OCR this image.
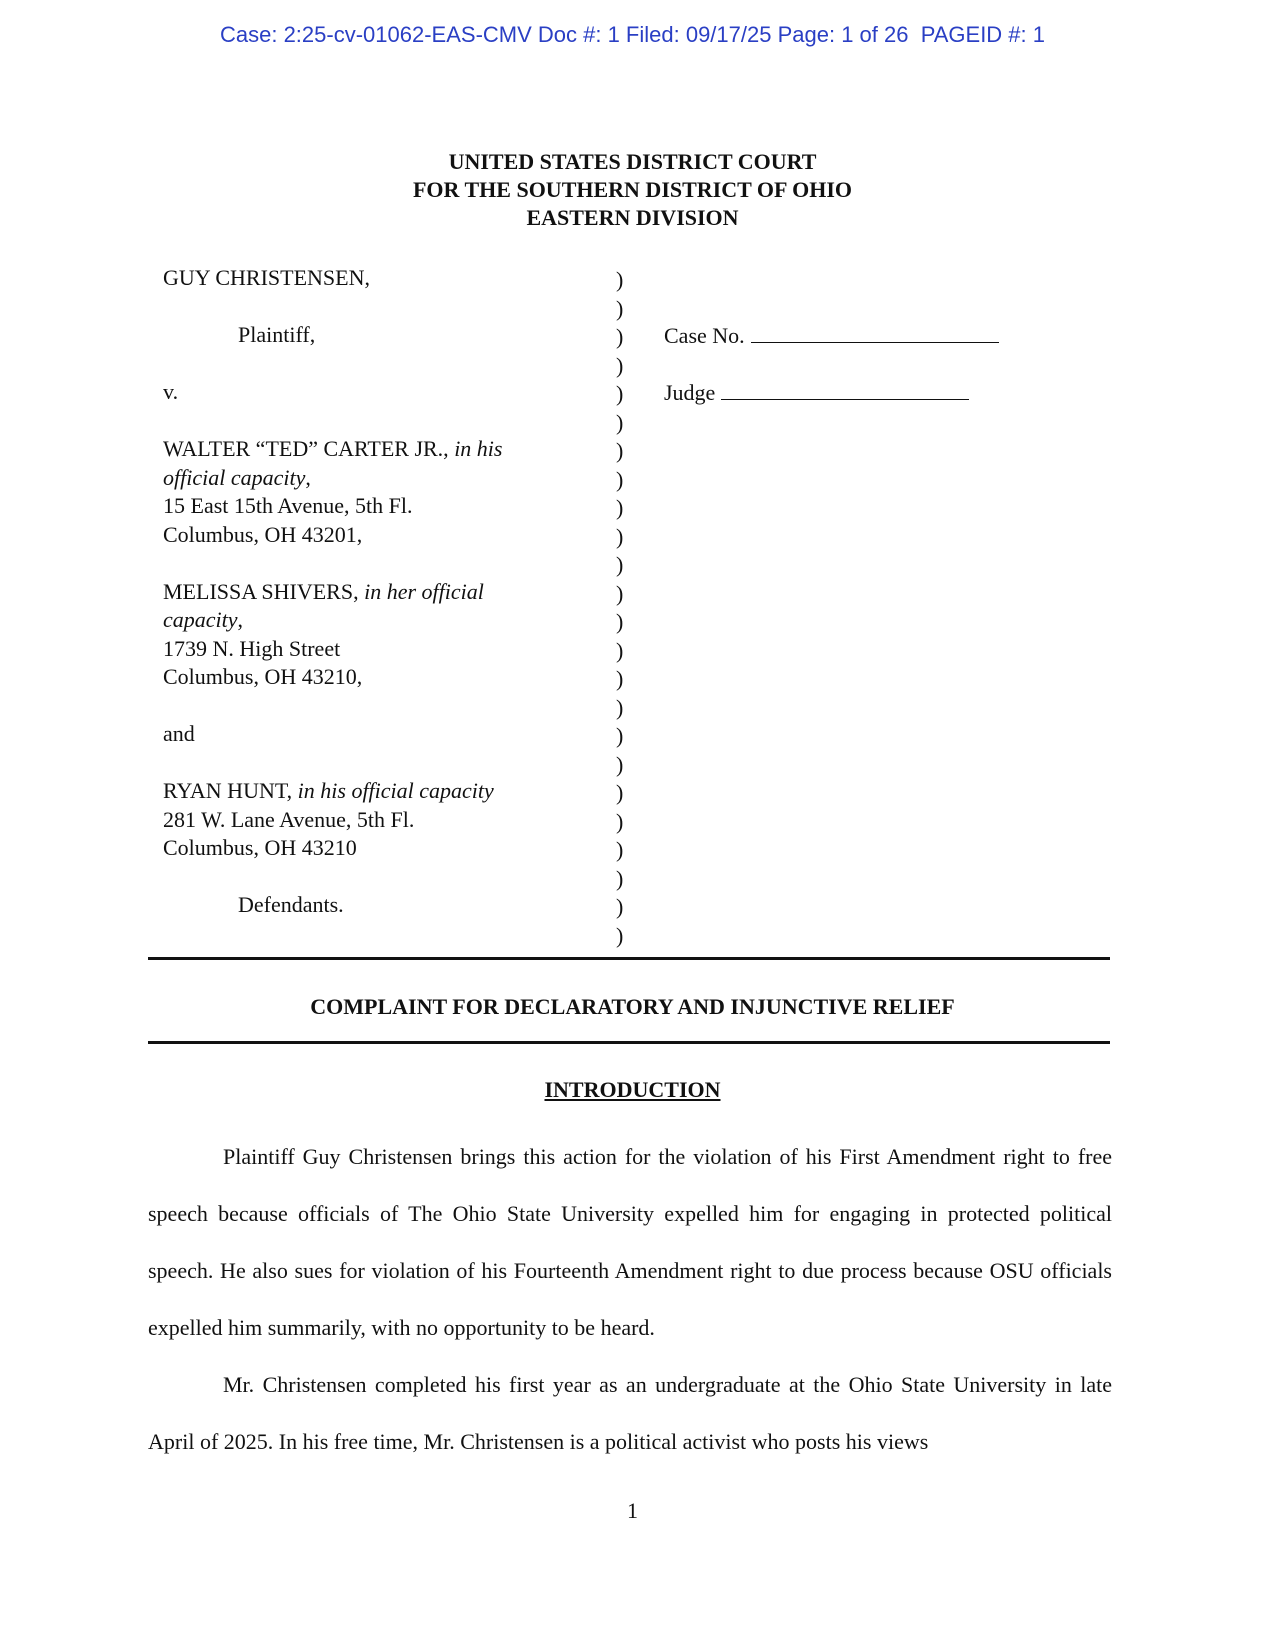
Case: 2:25-cv-01062-EAS-CMV Doc #: 1 Filed: 09/17/25 Page: 1 of 26  PAGEID #: 1
UNITED STATES DISTRICT COURT
FOR THE SOUTHERN DISTRICT OF OHIO
EASTERN DIVISION
GUY CHRISTENSEN,
Plaintiff,
v.
WALTER “TED” CARTER JR., in his
official capacity,
15 East 15th Avenue, 5th Fl.
Columbus, OH 43201,
MELISSA SHIVERS, in her official
capacity,
1739 N. High Street
Columbus, OH 43210,
and
RYAN HUNT, in his official capacity
281 W. Lane Avenue, 5th Fl.
Columbus, OH 43210
Defendants.
)
)
)
)
)
)
)
)
)
)
)
)
)
)
)
)
)
)
)
)
)
)
)
)
Case No.
Judge
COMPLAINT FOR DECLARATORY AND INJUNCTIVE RELIEF
INTRODUCTION

Plaintiff Guy Christensen brings this action for the violation of his First Amendment right to free speech because officials of The Ohio State University expelled him for engaging in protected political speech. He also sues for violation of his Fourteenth Amendment right to due process because OSU officials expelled him summarily, with no opportunity to be heard.

Mr. Christensen completed his first year as an undergraduate at the Ohio State University in late April of 2025. In his free time, Mr. Christensen is a political activist who posts his views

1
